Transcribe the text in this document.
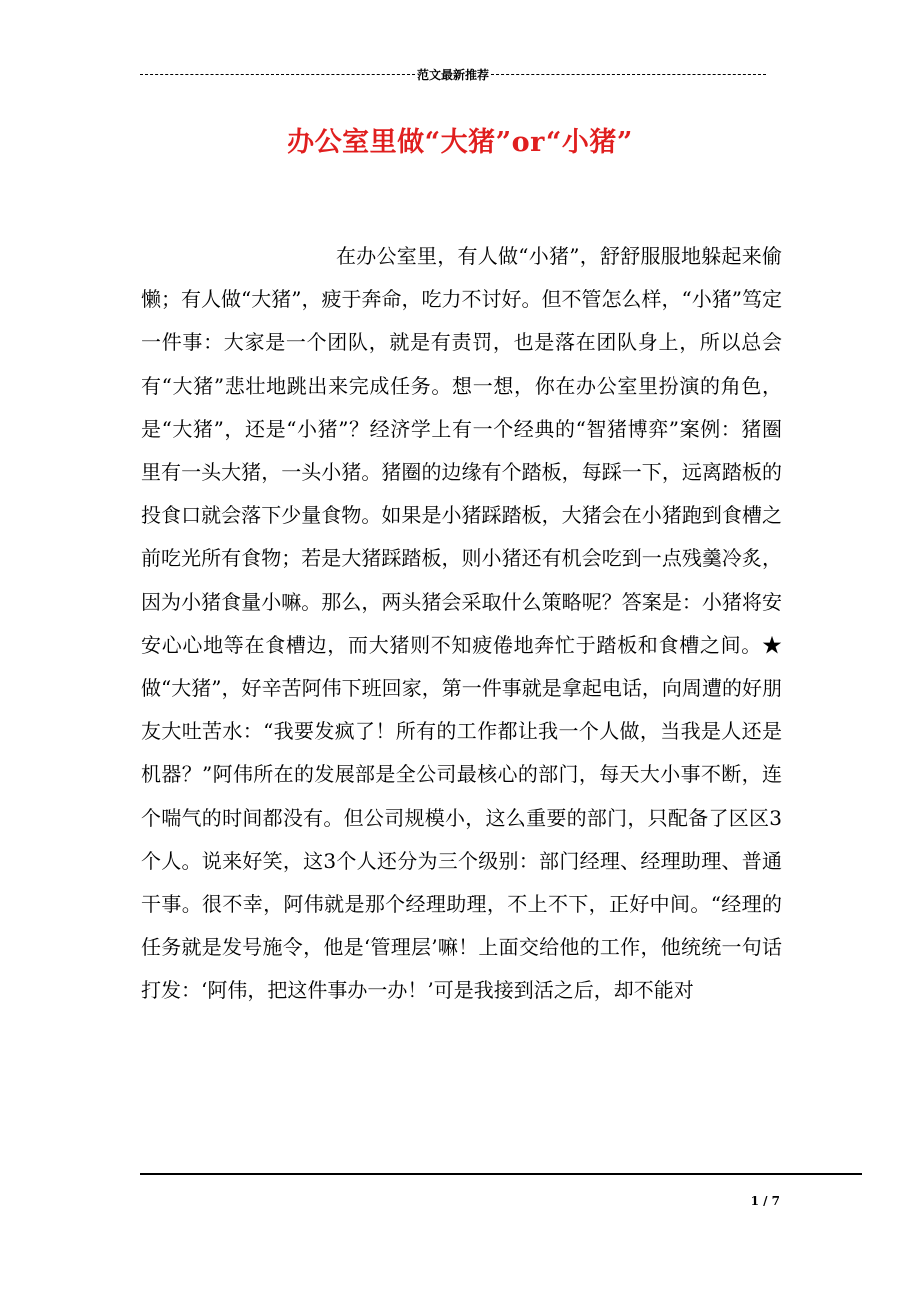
范文最新推荐
办公室里做“大猪”or“小猪”

在办公室里，有人做“小猪”，舒舒服服地躲起来偷懒；有人做“大猪”，疲于奔命，吃力不讨好。但不管怎么样，“小猪”笃定一件事：大家是一个团队，就是有责罚，也是落在团队身上，所以总会有“大猪”悲壮地跳出来完成任务。想一想，你在办公室里扮演的角色，是“大猪”，还是“小猪”？经济学上有一个经典的“智猪博弈”案例：猪圈里有一头大猪，一头小猪。猪圈的边缘有个踏板，每踩一下，远离踏板的投食口就会落下少量食物。如果是小猪踩踏板，大猪会在小猪跑到食槽之前吃光所有食物；若是大猪踩踏板，则小猪还有机会吃到一点残羹冷炙，因为小猪食量小嘛。那么，两头猪会采取什么策略呢？答案是：小猪将安安心心地等在食槽边，而大猪则不知疲倦地奔忙于踏板和食槽之间。★做“大猪”，好辛苦阿伟下班回家，第一件事就是拿起电话，向周遭的好朋友大吐苦水：“我要发疯了！所有的工作都让我一个人做，当我是人还是机器？”阿伟所在的发展部是全公司最核心的部门，每天大小事不断，连个喘气的时间都没有。但公司规模小，这么重要的部门，只配备了区区3个人。说来好笑，这3个人还分为三个级别：部门经理、经理助理、普通干事。很不幸，阿伟就是那个经理助理，不上不下，正好中间。“经理的任务就是发号施令，他是‘管理层’嘛！上面交给他的工作，他统统一句话打发：‘阿伟，把这件事办一办！’可是我接到活之后，却不能对

1 / 7
